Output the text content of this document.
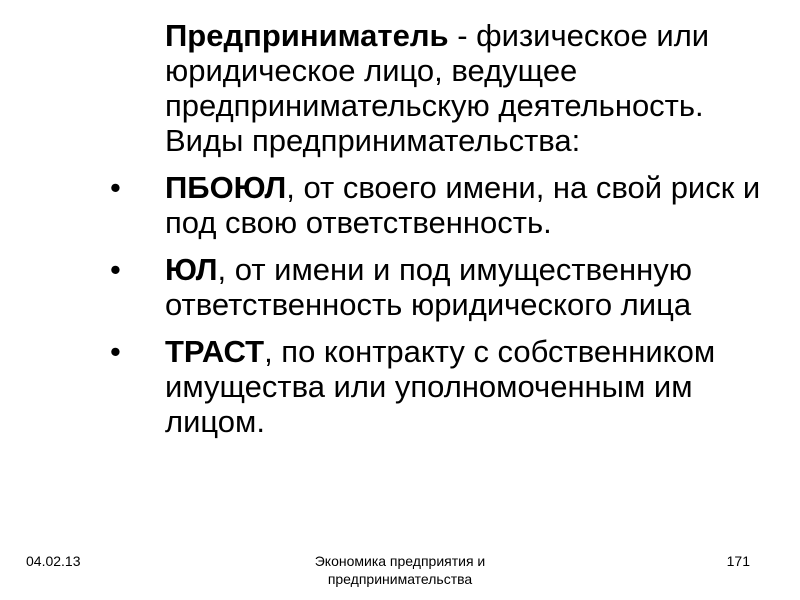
Предприниматель - физическое или юридическое лицо, ведущее предпринимательскую деятельность.
Виды предпринимательства:
• ПБОЮЛ, от своего имени, на свой риск и под свою ответственность.
• ЮЛ, от имени и под имущественную ответственность юридического лица
• ТРАСТ, по контракту с собственником имущества или уполномоченным им лицом.
04.02.13	Экономика предприятия и предпринимательства
171
